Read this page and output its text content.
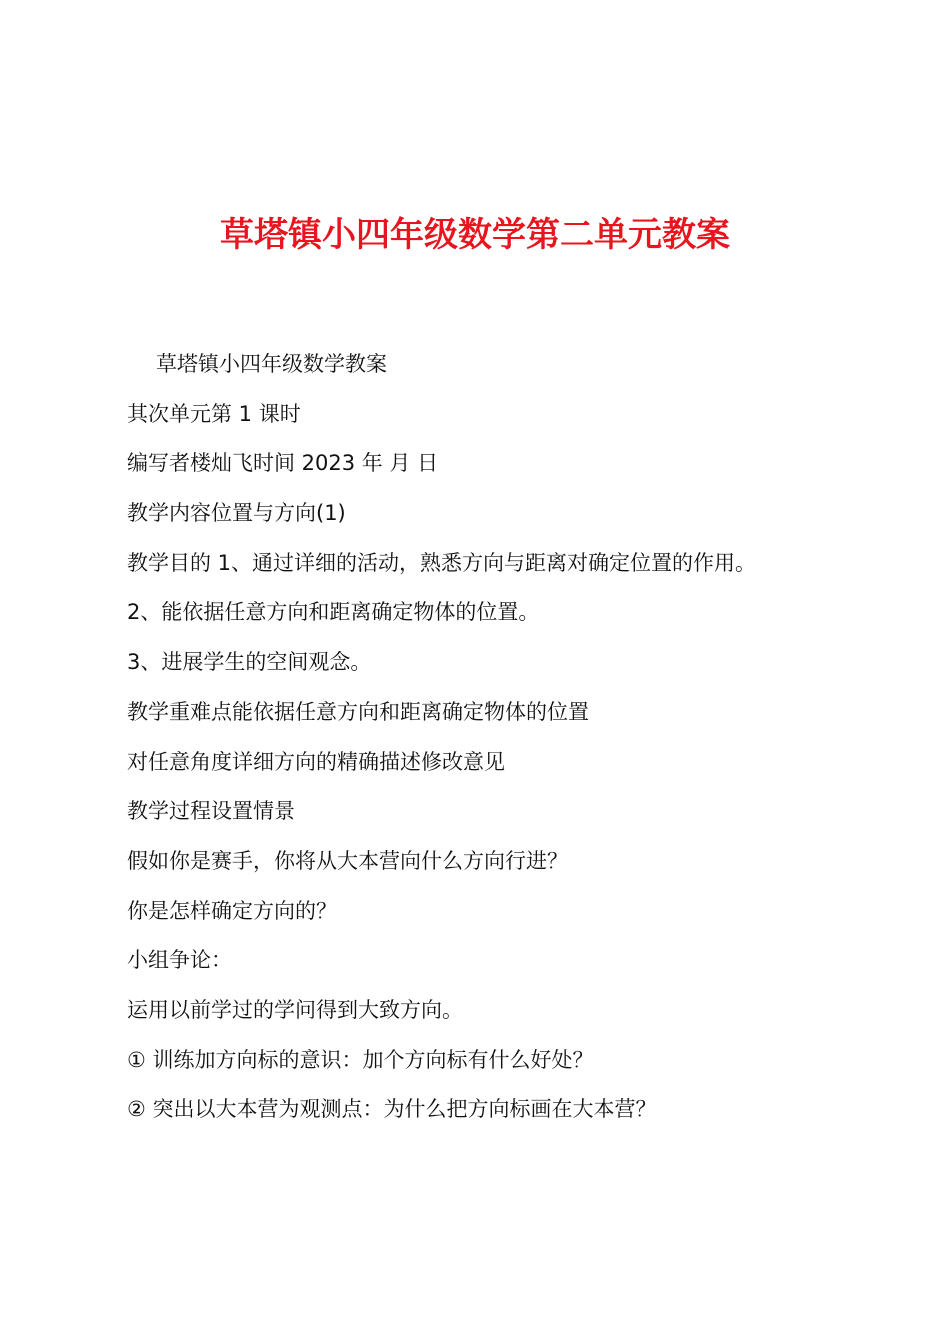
草塔镇小四年级数学第二单元教案

草塔镇小四年级数学教案

其次单元第 1 课时

编写者楼灿飞时间 2023 年 月 日

教学内容位置与方向(1)

教学目的 1、通过详细的活动，熟悉方向与距离对确定位置的作用。

2、能依据任意方向和距离确定物体的位置。

3、进展学生的空间观念。

教学重难点能依据任意方向和距离确定物体的位置

对任意角度详细方向的精确描述修改意见

教学过程设置情景

假如你是赛手，你将从大本营向什么方向行进？

你是怎样确定方向的？

小组争论：

运用以前学过的学问得到大致方向。

① 训练加方向标的意识：加个方向标有什么好处？

② 突出以大本营为观测点：为什么把方向标画在大本营？
